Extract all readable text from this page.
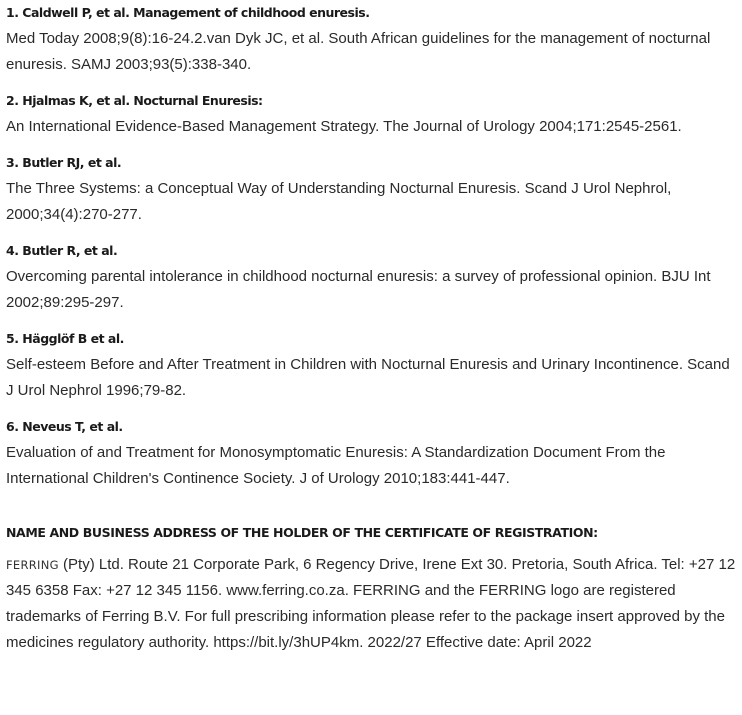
1. Caldwell P, et al. Management of childhood enuresis.

Med Today 2008;9(8):16-24.2.van Dyk JC, et al. South African guidelines for the management of nocturnal enuresis. SAMJ 2003;93(5):338-340.

2. Hjalmas K, et al. Nocturnal Enuresis:

An International Evidence-Based Management Strategy. The Journal of Urology 2004;171:2545-2561.

3. Butler RJ, et al.

The Three Systems: a Conceptual Way of Understanding Nocturnal Enuresis. Scand J Urol Nephrol, 2000;34(4):270-277.

4. Butler R, et al.

Overcoming parental intolerance in childhood nocturnal enuresis: a survey of professional opinion. BJU Int 2002;89:295-297.

5. Hägglöf B et al.

Self-esteem Before and After Treatment in Children with Nocturnal Enuresis and Urinary Incontinence. Scand J Urol Nephrol 1996;79-82.

6. Neveus T, et al.

Evaluation of and Treatment for Monosymptomatic Enuresis: A Standardization Document From the International Children's Continence Society. J of Urology 2010;183:441-447.

NAME AND BUSINESS ADDRESS OF THE HOLDER OF THE CERTIFICATE OF REGISTRATION:
FERRING (Pty) Ltd. Route 21 Corporate Park, 6 Regency Drive, Irene Ext 30. Pretoria, South Africa. Tel: +27 12 345 6358 Fax: +27 12 345 1156. www.ferring.co.za. FERRING and the FERRING logo are registered trademarks of Ferring B.V. For full prescribing information please refer to the package insert approved by the medicines regulatory authority. https://bit.ly/3hUP4km. 2022/27 Effective date: April 2022
